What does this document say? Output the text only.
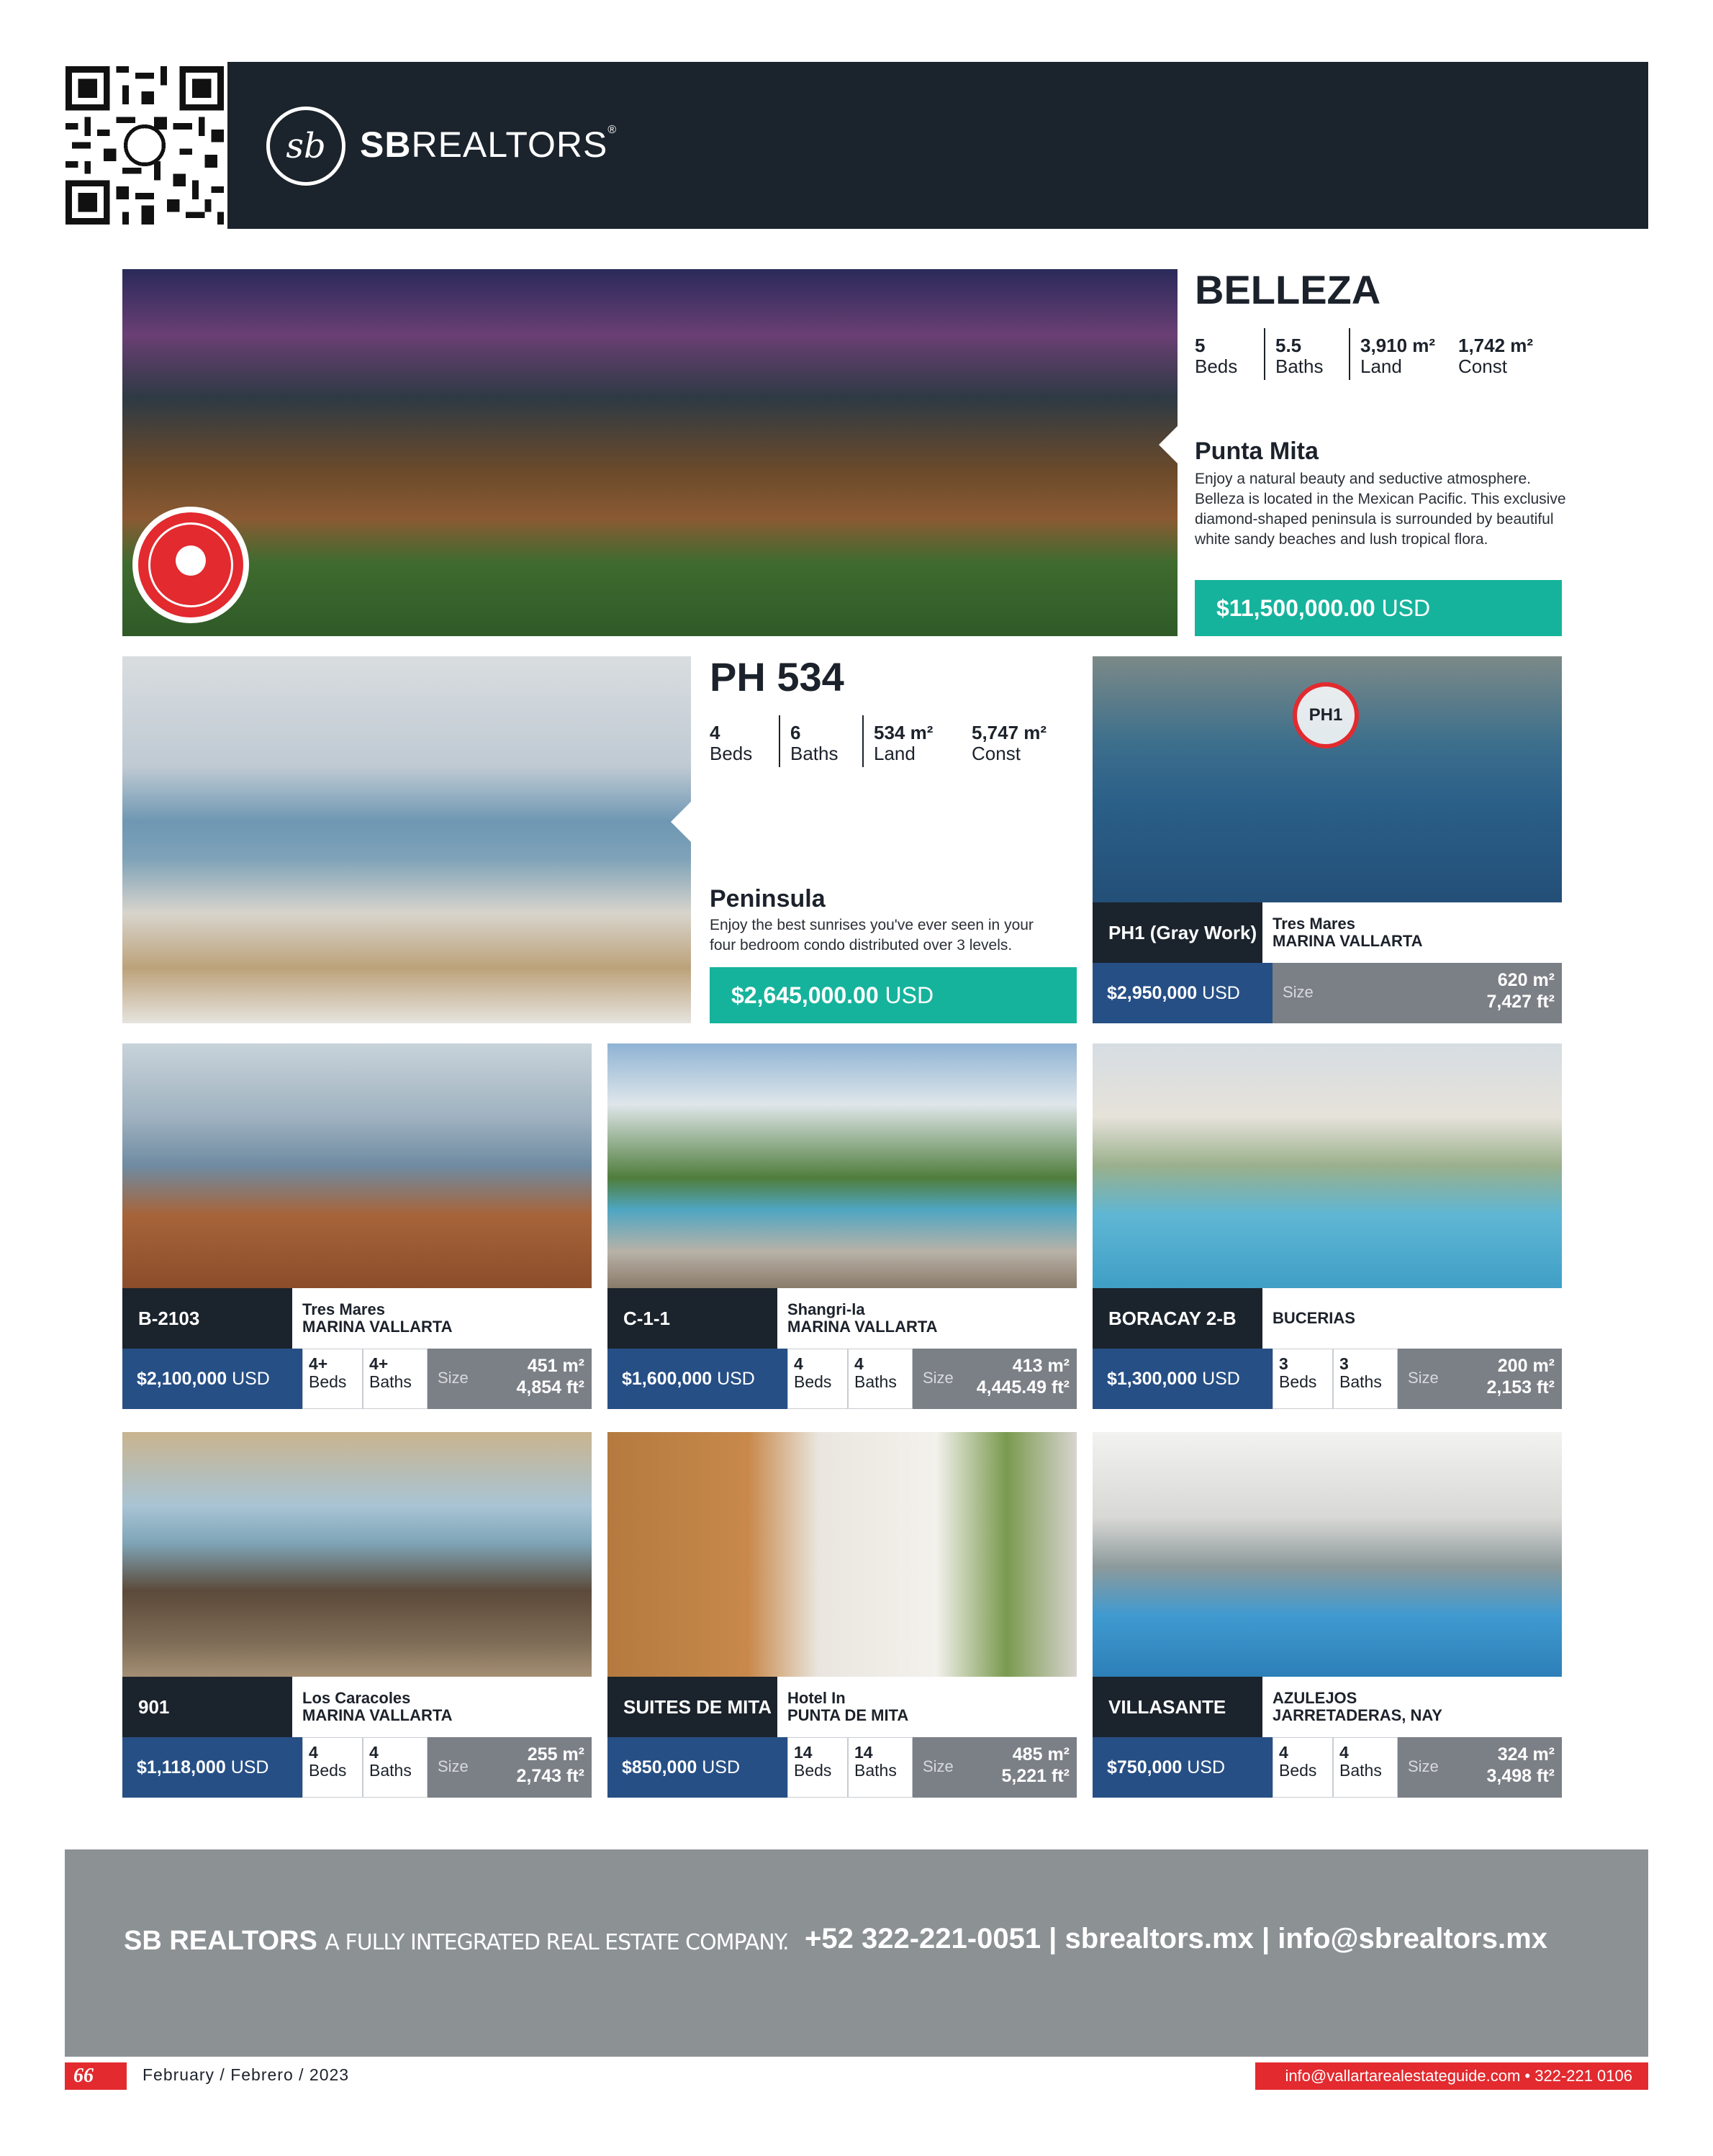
sb SBREALTORS®
BELLEZA
5
Beds
5.5
Baths
3,910 m²
Land
1,742 m²
Const
Punta Mita
Enjoy a natural beauty and seductive atmosphere. Belleza is located in the Mexican Pacific. This exclusive diamond-shaped peninsula is surrounded by beautiful white sandy beaches and lush tropical flora.
$11,500,000.00 USD
PH 534
4
Beds
6
Baths
534 m²
Land
5,747 m²
Const
Peninsula
Enjoy the best sunrises you've ever seen in your four bedroom condo distributed over 3 levels.
$2,645,000.00 USD
PH1
PH1 (Gray Work) Tres Mares
MARINA VALLARTA
$2,950,000
USD	Size
620 m²
7,427 ft²
B-2103	Tres Mares
MARINA VALLARTA
$2,100,000
USD
4+
Beds
4+
Baths	Size
451 m²
4,854 ft²
C-1-1	Shangri-la
MARINA VALLARTA
$1,600,000
USD
4
Beds
4
Baths	Size
413 m²
4,445.49 ft²
BORACAY 2-B	BUCERIAS
$1,300,000
USD
3
Beds
3
Baths	Size
200 m²
2,153 ft²
901	Los Caracoles
MARINA VALLARTA
$1,118,000
USD
4
Beds
4
Baths	Size
255 m²
2,743 ft²
SUITES DE MITA Hotel In
PUNTA DE MITA
$850,000
USD
14
Beds
14
Baths	Size
485 m²
5,221 ft²
VILLASANTE	AZULEJOS
JARRETADERAS, NAY
$750,000
USD
4
Beds
4
Baths	Size
324 m²
3,498 ft²
SB REALTORS A FULLY INTEGRATED REAL ESTATE COMPANY. +52 322-221-0051 | sbrealtors.mx | info@sbrealtors.mx
66	February / Febrero / 2023	info@vallartarealestateguide.com • 322-221 0106
